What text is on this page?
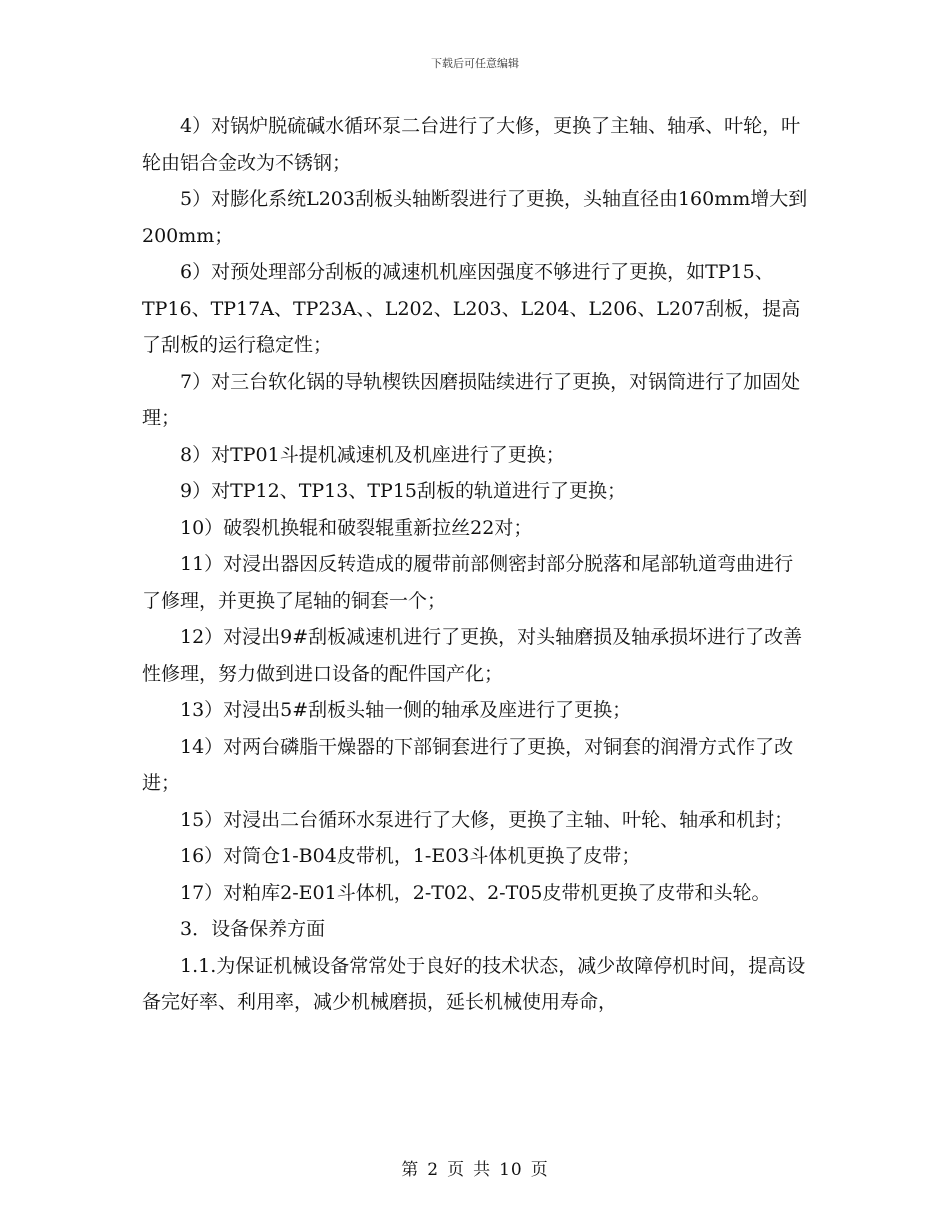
下载后可任意编辑

4）对锅炉脱硫碱水循环泵二台进行了大修，更换了主轴、轴承、叶轮，叶轮由铝合金改为不锈钢；

5）对膨化系统L203刮板头轴断裂进行了更换，头轴直径由160mm增大到200mm；

6）对预处理部分刮板的减速机机座因强度不够进行了更换，如TP15、TP16、TP17A、TP23A、、L202、L203、L204、L206、L207刮板，提高了刮板的运行稳定性；

7）对三台软化锅的导轨楔铁因磨损陆续进行了更换，对锅筒进行了加固处理；

8）对TP01斗提机减速机及机座进行了更换；

9）对TP12、TP13、TP15刮板的轨道进行了更换；

10）破裂机换辊和破裂辊重新拉丝22对；

11）对浸出器因反转造成的履带前部侧密封部分脱落和尾部轨道弯曲进行了修理，并更换了尾轴的铜套一个；

12）对浸出9#刮板减速机进行了更换，对头轴磨损及轴承损坏进行了改善性修理，努力做到进口设备的配件国产化；

13）对浸出5#刮板头轴一侧的轴承及座进行了更换；

14）对两台磷脂干燥器的下部铜套进行了更换，对铜套的润滑方式作了改进；

15）对浸出二台循环水泵进行了大修，更换了主轴、叶轮、轴承和机封；

16）对筒仓1-B04皮带机，1-E03斗体机更换了皮带；

17）对粕库2-E01斗体机，2-T02、2-T05皮带机更换了皮带和头轮。

3．设备保养方面

1.1.为保证机械设备常常处于良好的技术状态，减少故障停机时间，提高设备完好率、利用率，减少机械磨损，延长机械使用寿命，

第 2 页 共 10 页
